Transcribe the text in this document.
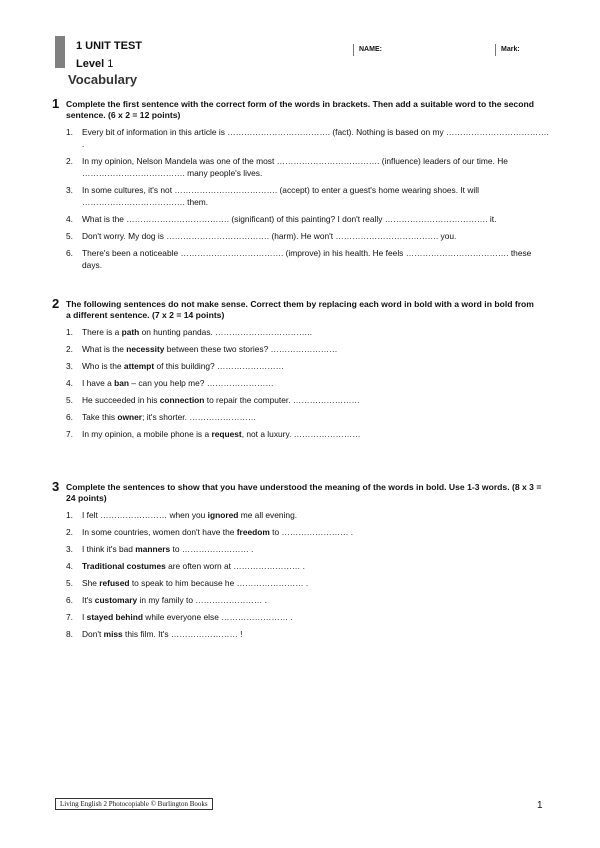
1 UNIT TEST
Level 1
Vocabulary
NAME:	Mark:
1 Complete the first sentence with the correct form of the words in brackets. Then add a suitable word to the second sentence. (6 x 2 = 12 points)
1. Every bit of information in this article is ………………………………. (fact). Nothing is based on my ………………………………. .
2. In my opinion, Nelson Mandela was one of the most ………………………………. (influence) leaders of our time. He ………………………………. many people's lives.
3. In some cultures, it's not ………………………………. (accept) to enter a guest's home wearing shoes. It will ………………………………. them.
4. What is the ………………………………. (significant) of this painting? I don't really ………………………………. it.
5. Don't worry. My dog is ………………………………. (harm). He won't ………………………………. you.
6. There's been a noticeable ………………………………. (improve) in his health. He feels ………………………………. these days.
2 The following sentences do not make sense. Correct them by replacing each word in bold with a word in bold from
a different sentence. (7 x 2 = 14 points)
1. There is a path on hunting pandas. ……………………………..
2. What is the necessity between these two stories? ……………………
3. Who is the attempt of this building? ……………………
4. I have a ban – can you help me? ……………………
5. He succeeded in his connection to repair the computer. ……………………
6. Take this owner; it's shorter. ……………………
7. In my opinion, a mobile phone is a request, not a luxury. ……………………
3 Complete the sentences to show that you have understood the meaning of the words in bold. Use 1-3 words. (8 x 3 = 24 points)
1. I felt …………………… when you ignored me all evening.
2. In some countries, women don't have the freedom to …………………… .
3. I think it's bad manners to …………………… .
4. Traditional costumes are often worn at …………………… .
5. She refused to speak to him because he …………………… .
6. It's customary in my family to …………………… .
7. I stayed behind while everyone else …………………… .
8. Don't miss this film. It's …………………… !
Living English 2 Photocopiable © Burlington Books	1
